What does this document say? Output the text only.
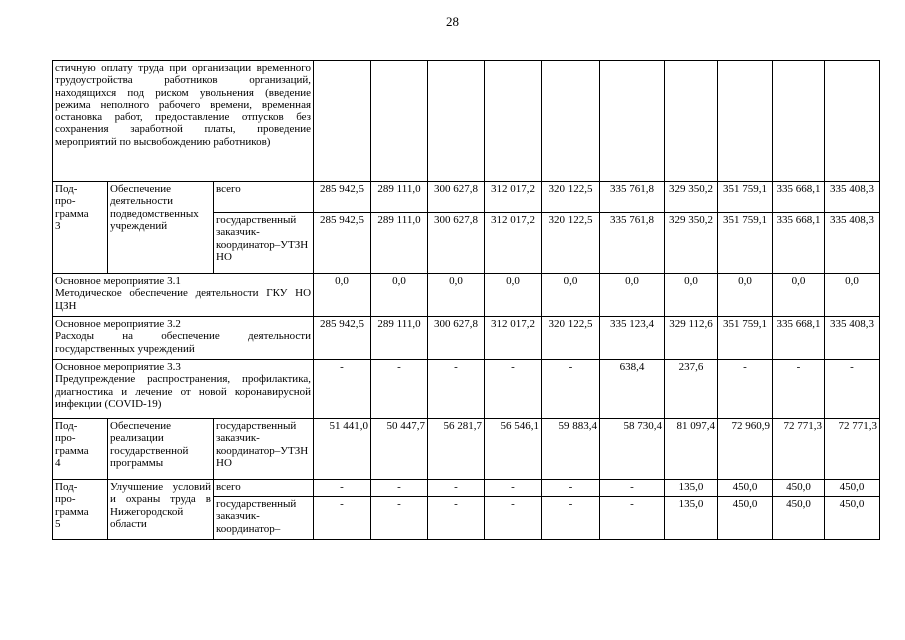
28
стичную оплату труда при организации временного трудоустройства работников организаций, находящихся под риском увольнения (введение режима неполного рабочего времени, временная остановка работ, предоставление отпусков без сохранения заработной платы, проведение мероприятий по высвобождению работников)												
Под-
про-
грамма
3	Обеспечение деятельности подведомственных учреждений	всего	285 942,5	289 111,0	300 627,8	312 017,2	320 122,5	335 761,8	329 350,2	351 759,1	335 668,1	335 408,3
		государственный заказчик-координатор–УТЗН НО	285 942,5	289 111,0	300 627,8	312 017,2	320 122,5	335 761,8	329 350,2	351 759,1	335 668,1	335 408,3
Основное мероприятие 3.1
Методическое обеспечение деятельности ГКУ НО ЦЗН			0,0	0,0	0,0	0,0	0,0	0,0	0,0	0,0	0,0	0,0
Основное мероприятие 3.2
Расходы на обеспечение деятельности государственных учреждений			285 942,5	289 111,0	300 627,8	312 017,2	320 122,5	335 123,4	329 112,6	351 759,1	335 668,1	335 408,3
Основное мероприятие 3.3
Предупреждение распространения, профилактика, диагностика и лечение от новой коронавирусной инфекции (COVID-19)			-	-	-	-	-	638,4	237,6	-	-	-
Под-
про-
грамма
4	Обеспечение реализации государственной программы	государственный заказчик-координатор–УТЗН НО	51 441,0	50 447,7	56 281,7	56 546,1	59 883,4	58 730,4	81 097,4	72 960,9	72 771,3	72 771,3
Под-
про-
грамма
5	Улучшение условий и охраны труда в Нижегородской области	всего	-	-	-	-	-	-	135,0	450,0	450,0	450,0
		государственный заказчик-координатор–	-	-	-	-	-	-	135,0	450,0	450,0	450,0
